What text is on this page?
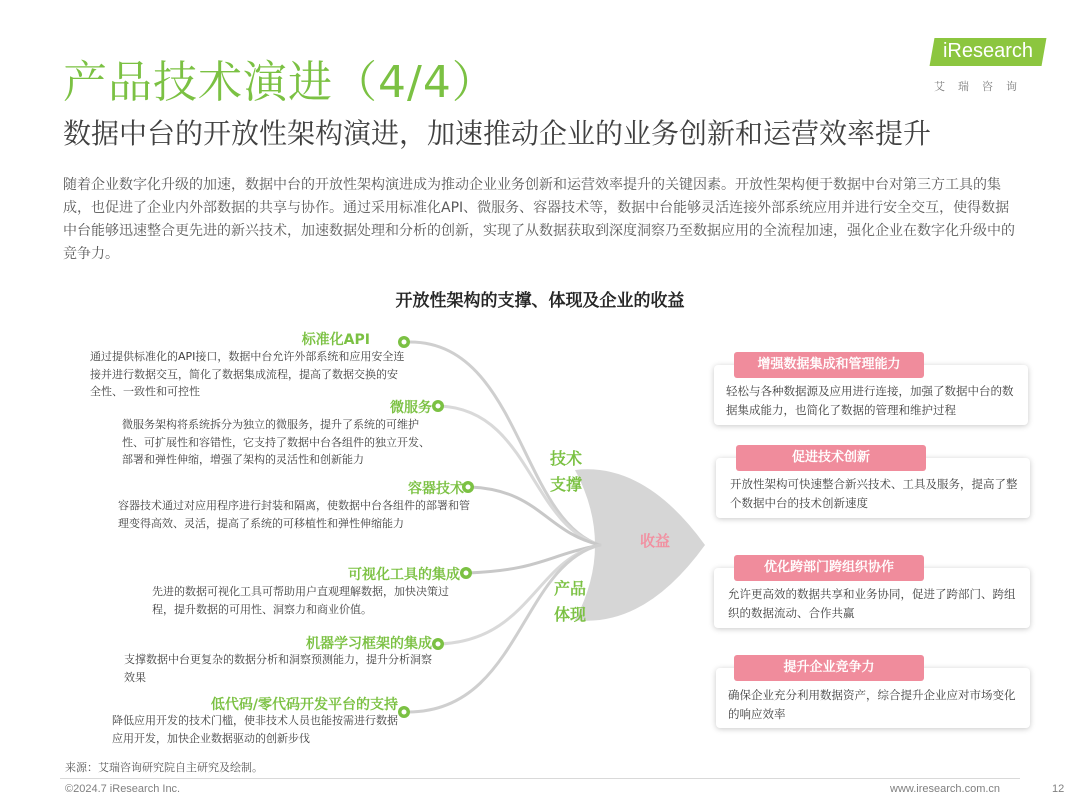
产品技术演进（4/4）
数据中台的开放性架构演进，加速推动企业的业务创新和运营效率提升
随着企业数字化升级的加速，数据中台的开放性架构演进成为推动企业业务创新和运营效率提升的关键因素。开放性架构便于数据中台对第三方工具的集成，也促进了企业内外部数据的共享与协作。通过采用标准化API、微服务、容器技术等，数据中台能够灵活连接外部系统应用并进行安全交互，使得数据中台能够迅速整合更先进的新兴技术，加速数据处理和分析的创新，实现了从数据获取到深度洞察乃至数据应用的全流程加速，强化企业在数字化升级中的竞争力。
iResearch
艾瑞咨询
开放性架构的支撑、体现及企业的收益
标准化API
通过提供标准化的API接口，数据中台允许外部系统和应用安全连接并进行数据交互，简化了数据集成流程，提高了数据交换的安全性、一致性和可控性
微服务
微服务架构将系统拆分为独立的微服务，提升了系统的可维护性、可扩展性和容错性，它支持了数据中台各组件的独立开发、部署和弹性伸缩，增强了架构的灵活性和创新能力
容器技术
容器技术通过对应用程序进行封装和隔离，使数据中台各组件的部署和管理变得高效、灵活，提高了系统的可移植性和弹性伸缩能力
可视化工具的集成
先进的数据可视化工具可帮助用户直观理解数据，加快决策过程，提升数据的可用性、洞察力和商业价值。
机器学习框架的集成
支撑数据中台更复杂的数据分析和洞察预测能力，提升分析洞察效果
低代码/零代码开发平台的支持
降低应用开发的技术门槛，使非技术人员也能按需进行数据应用开发，加快企业数据驱动的创新步伐
技术
支撑
产品
体现
收益
增强数据集成和管理能力
轻松与各种数据源及应用进行连接，加强了数据中台的数据集成能力，也简化了数据的管理和维护过程
促进技术创新
开放性架构可快速整合新兴技术、工具及服务，提高了整个数据中台的技术创新速度
优化跨部门跨组织协作
允许更高效的数据共享和业务协同，促进了跨部门、跨组织的数据流动、合作共赢
提升企业竞争力
确保企业充分利用数据资产，综合提升企业应对市场变化的响应效率
来源：艾瑞咨询研究院自主研究及绘制。
©2024.7 iResearch Inc.	www.iresearch.com.cn	12
